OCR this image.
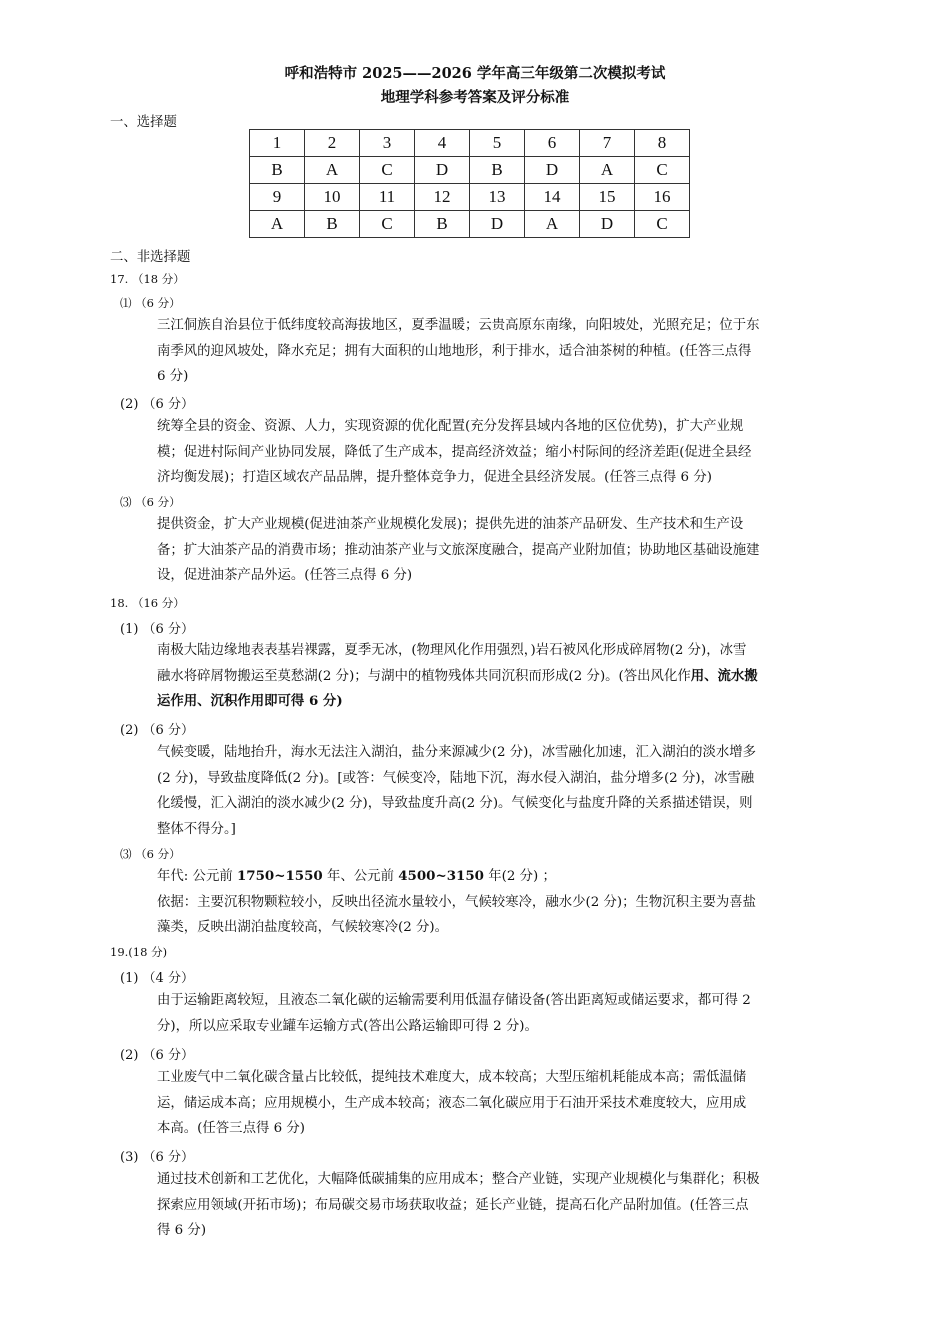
呼和浩特市 2025——2026 学年高三年级第二次模拟考试
地理学科参考答案及评分标准
一、选择题
1	2	3	4	5	6	7	8
B	A	C	D	B	D	A	C
9	10	11	12	13	14	15	16
A	B	C	B	D	A	D	C
二、非选择题
17. （18 分）
⑴ （6 分）
三江侗族自治县位于低纬度较高海拔地区，夏季温暖；云贵高原东南缘，向阳坡处，光照充足；位于东
南季风的迎风坡处，降水充足；拥有大面积的山地地形，利于排水，适合油茶树的种植。(任答三点得
6 分)
(2) （6 分）
统筹全县的资金、资源、人力，实现资源的优化配置(充分发挥县域内各地的区位优势)，扩大产业规
模；促进村际间产业协同发展，降低了生产成本，提高经济效益；缩小村际间的经济差距(促进全县经
济均衡发展)；打造区域农产品品牌，提升整体竞争力，促进全县经济发展。(任答三点得 6 分)
⑶ （6 分）
提供资金，扩大产业规模(促进油茶产业规模化发展)；提供先进的油茶产品研发、生产技术和生产设
备；扩大油茶产品的消费市场；推动油茶产业与文旅深度融合，提高产业附加值；协助地区基础设施建
设，促进油茶产品外运。(任答三点得 6 分)
18. （16 分）
(1) （6 分）
南极大陆边缘地表表基岩裸露，夏季无冰，(物理风化作用强烈，)岩石被风化形成碎屑物(2 分)，冰雪
融水将碎屑物搬运至莫愁湖(2 分)；与湖中的植物残体共同沉积而形成(2 分)。(答出风化作用、流水搬
运作用、沉积作用即可得 6 分)
(2) （6 分）
气候变暖，陆地抬升，海水无法注入湖泊，盐分来源减少(2 分)，冰雪融化加速，汇入湖泊的淡水增多
(2 分)，导致盐度降低(2 分)。[或答：气候变冷，陆地下沉，海水侵入湖泊，盐分增多(2 分)，冰雪融
化缓慢，汇入湖泊的淡水减少(2 分)，导致盐度升高(2 分)。气候变化与盐度升降的关系描述错误，则
整体不得分。]
⑶ （6 分）
年代: 公元前 1750~1550 年、公元前 4500~3150 年(2 分) ；
依据：主要沉积物颗粒较小，反映出径流水量较小，气候较寒冷，融水少(2 分)；生物沉积主要为喜盐
藻类，反映出湖泊盐度较高，气候较寒冷(2 分)。
19.(18 分)
(1) （4 分）
由于运输距离较短，且液态二氧化碳的运输需要利用低温存储设备(答出距离短或储运要求，都可得 2
分)，所以应采取专业罐车运输方式(答出公路运输即可得 2 分)。
(2) （6 分）
工业废气中二氧化碳含量占比较低，提纯技术难度大，成本较高；大型压缩机耗能成本高；需低温储
运，储运成本高；应用规模小，生产成本较高；液态二氧化碳应用于石油开采技术难度较大，应用成
本高。(任答三点得 6 分)
(3) （6 分）
通过技术创新和工艺优化，大幅降低碳捕集的应用成本；整合产业链，实现产业规模化与集群化；积极
探索应用领域(开拓市场)；布局碳交易市场获取收益；延长产业链，提高石化产品附加值。(任答三点
得 6 分)
